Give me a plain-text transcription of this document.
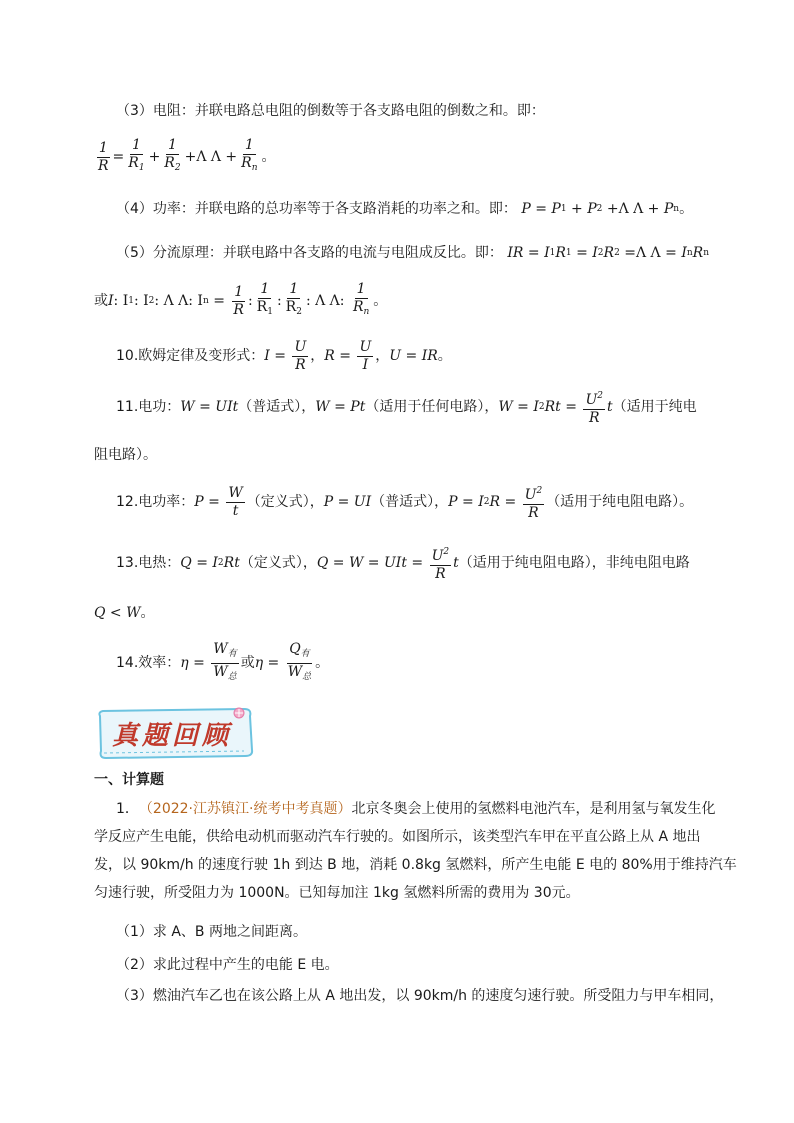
（3）电阻：并联电路总电阻的倒数等于各支路电阻的倒数之和。即：
$\frac{1}{R} = \frac{1}{R_1} + \frac{1}{R_2} + \Lambda$ $\Lambda + \frac{1}{R_n}$ 。
（4）功率：并联电路的总功率等于各支路消耗的功率之和。即： P = P 1 + P 2 + Λ Λ + P n 。
（5）分流原理：并联电路中各支路的电流与电阻成反比。即： IR = I 1 R 1 = I 2 R 2 = Λ Λ = I n R n
或 I : I 1 : I 2 : Λ Λ : I $n = \frac{1}{R}$ : $\frac{1}{R_1}$ : $\frac{1}{R_2}$ : Λ Λ : $\frac{1}{R_n}$ 。
10.欧姆定律及变形式： $I = \frac{U}{R}$ ， $R = \frac{U}{I}$ ， U = IR 。
11.电功： W = UIt （普适式）， W = Pt （适用于任何电路）， W = I 2 $Rt = \frac{U^2}{R}$ t （适用于纯电
阻电路）。
12.电功率： $P = \frac{W}{t}$ （定义式）， P = UI （普适式）， P = I 2 $R = \frac{U^2}{R}$ （适用于纯电阻电路）。
13.电热： Q = I 2 Rt （定义式）， Q = W = UIt = $\frac{U^2}{R}$ t （适用于纯电阻电路），非纯电阻电路
Q < W 。
14.效率： $\eta = \frac{W_有}{W_总}$ 或 $\eta = \frac{Q_有}{W_总}$ 。
真题回顾
一、计算题
1． （2022·江苏镇江·统考中考真题） 北京冬奥会上使用的氢燃料电池汽车，是利用氢与氧发生化
学反应产生电能，供给电动机而驱动汽车行驶的。如图所示，该类型汽车甲在平直公路上从 A 地出
发，以 90km/h 的速度行驶 1h 到达 B 地，消耗 0.8kg 氢燃料，所产生电能 E 电的 80%用于维持汽车
匀速行驶，所受阻力为 1000N。已知每加注 1kg 氢燃料所需的费用为 30元。
（1）求 A、B 两地之间距离。
（2）求此过程中产生的电能 E 电。
（3）燃油汽车乙也在该公路上从 A 地出发，以 90km/h 的速度匀速行驶。所受阻力与甲车相同，
